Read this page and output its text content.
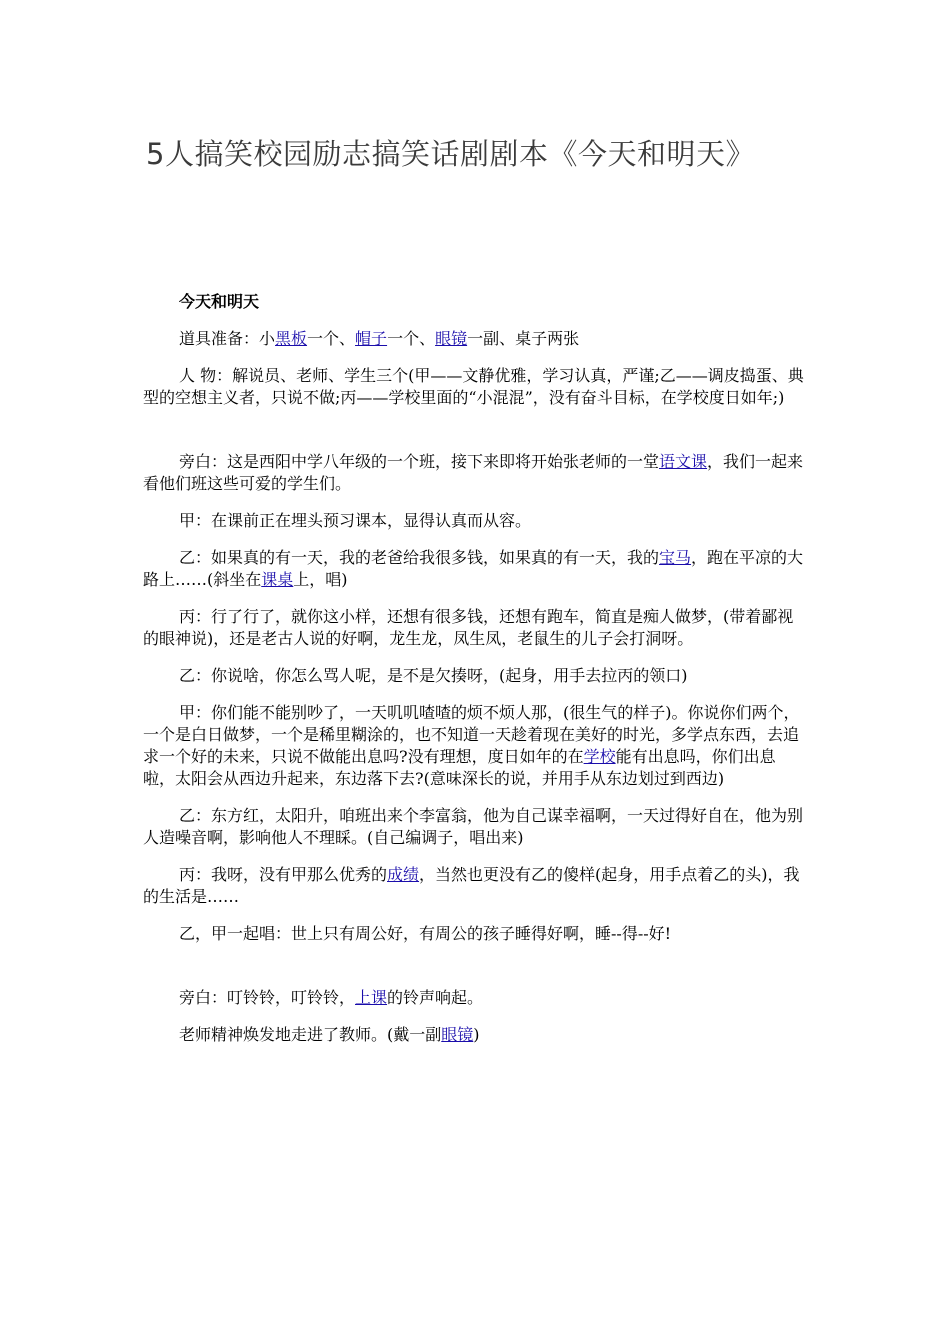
5人搞笑校园励志搞笑话剧剧本《今天和明天》

今天和明天

道具准备：小黑板一个、帽子一个、眼镜一副、桌子两张

人 物：解说员、老师、学生三个(甲——文静优雅，学习认真，严谨;乙——调皮捣蛋、典型的空想主义者，只说不做;丙——学校里面的“小混混”，没有奋斗目标，在学校度日如年;)

旁白：这是西阳中学八年级的一个班，接下来即将开始张老师的一堂语文课，我们一起来看他们班这些可爱的学生们。

甲：在课前正在埋头预习课本，显得认真而从容。

乙：如果真的有一天，我的老爸给我很多钱，如果真的有一天，我的宝马，跑在平凉的大路上……(斜坐在课桌上，唱)

丙：行了行了，就你这小样，还想有很多钱，还想有跑车，简直是痴人做梦，(带着鄙视的眼神说)，还是老古人说的好啊，龙生龙，凤生凤，老鼠生的儿子会打洞呀。

乙：你说啥，你怎么骂人呢，是不是欠揍呀，(起身，用手去拉丙的领口)

甲：你们能不能别吵了，一天叽叽喳喳的烦不烦人那，(很生气的样子)。你说你们两个，一个是白日做梦，一个是稀里糊涂的，也不知道一天趁着现在美好的时光，多学点东西，去追求一个好的未来，只说不做能出息吗?没有理想，度日如年的在学校能有出息吗，你们出息啦，太阳会从西边升起来，东边落下去?(意味深长的说，并用手从东边划过到西边)

乙：东方红，太阳升，咱班出来个李富翁，他为自己谋幸福啊，一天过得好自在，他为别人造噪音啊，影响他人不理睬。(自己编调子，唱出来)

丙：我呀，没有甲那么优秀的成绩，当然也更没有乙的傻样(起身，用手点着乙的头)，我的生活是……

乙，甲一起唱：世上只有周公好，有周公的孩子睡得好啊，睡--得--好!

旁白：叮铃铃，叮铃铃，上课的铃声响起。

老师精神焕发地走进了教师。(戴一副眼镜)
